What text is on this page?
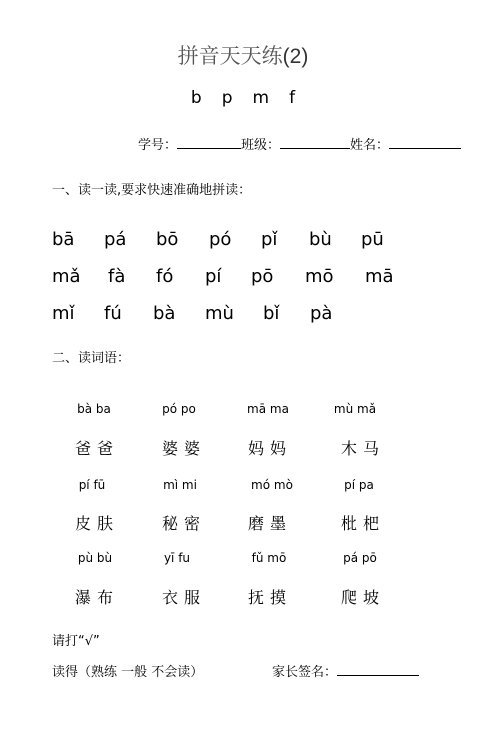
拼音天天练(2)
b p m f
学号：	班级：	姓名：
一、读一读,要求快速准确地拼读：
bā pá bō pó pǐ bù pū
mǎ fà fó pí pō mō mā
mǐ fú bà mù bǐ pà
二、读词语：
bà ba	pó po	mā ma	mù mǎ
爸爸	婆婆	妈妈	木马
pí fū	mì mi	mó mò	pí pa
皮肤	秘密	磨墨	枇杷
pù bù	yī fu	fǔ mō	pá pō
瀑布	衣服	抚摸	爬坡
请打“√”
读得（熟练 一般 不会读）	家长签名：
